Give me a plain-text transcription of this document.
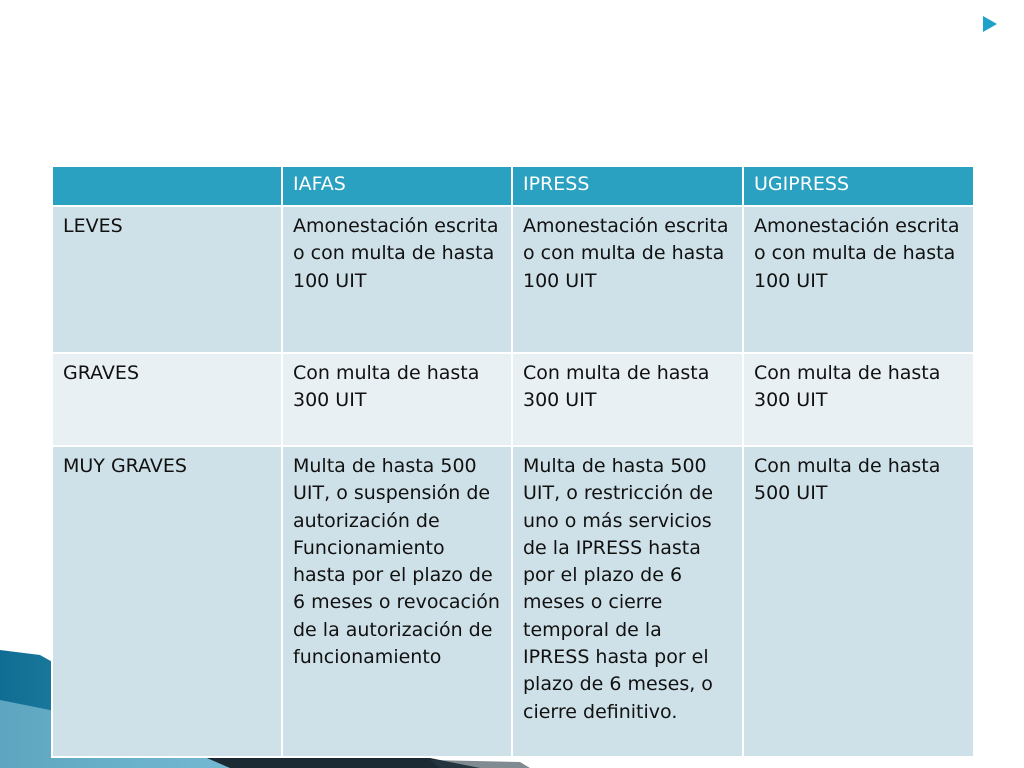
	IAFAS	IPRESS	UGIPRESS
LEVES	Amonestación escrita o con multa de hasta 100 UIT	Amonestación escrita o con multa de hasta 100 UIT	Amonestación escrita o con multa de hasta 100 UIT
GRAVES	Con multa de hasta 300 UIT	Con multa de hasta 300 UIT	Con multa de hasta 300 UIT
MUY GRAVES	Multa de hasta 500 UIT, o suspensión de autorización de Funcionamiento hasta por el plazo de 6 meses o revocación de la autorización de funcionamiento	Multa de hasta 500 UIT, o restricción de uno o más servicios de la IPRESS hasta por el plazo de 6 meses o cierre temporal de la IPRESS hasta por el plazo de 6 meses, o cierre definitivo.	Con multa de hasta 500 UIT
